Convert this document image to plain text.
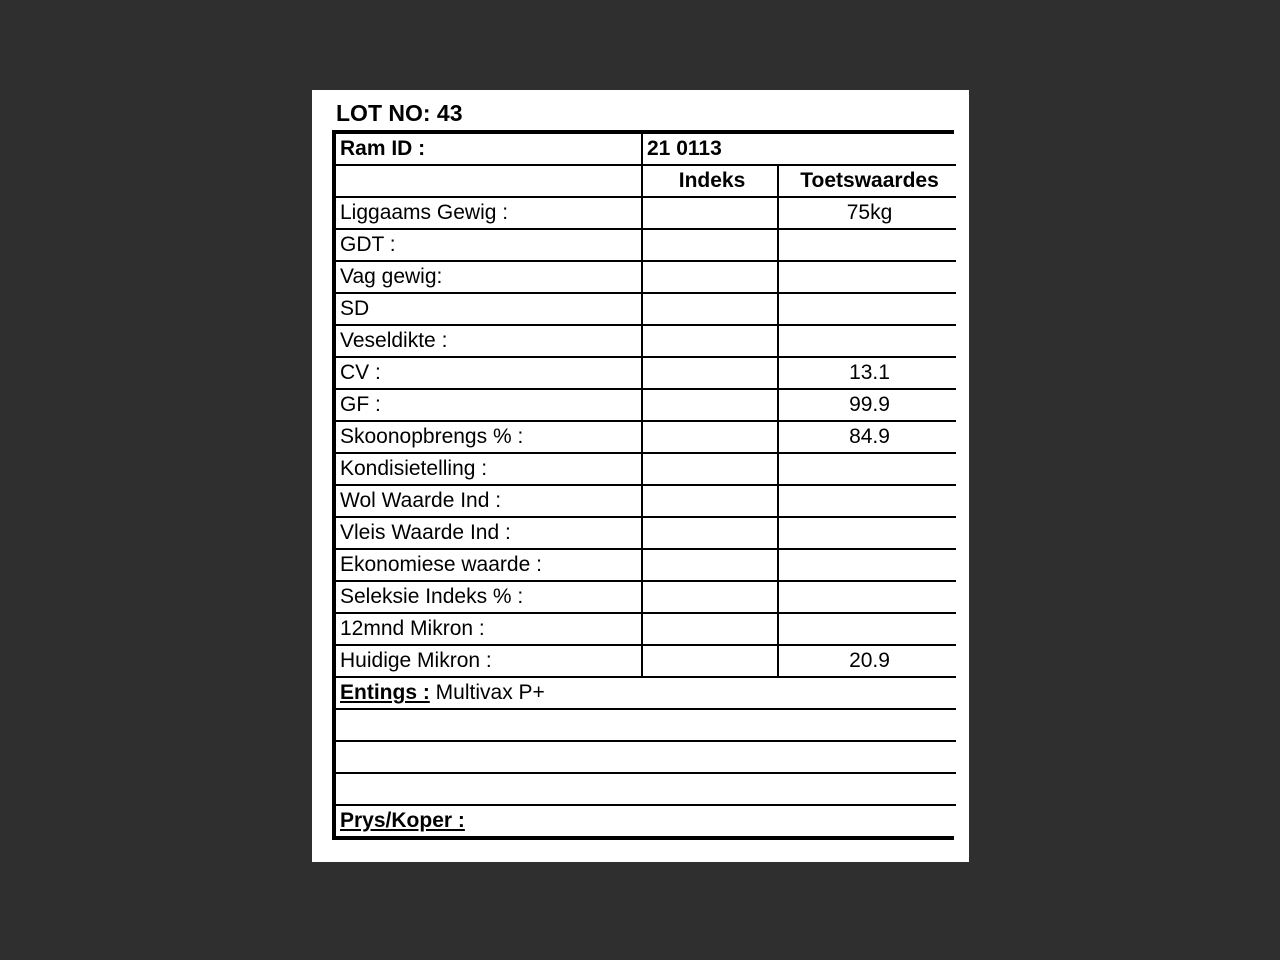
LOT NO: 43
Ram ID :	21 0113	
	Indeks	Toetswaardes
Liggaams Gewig :		75kg
GDT :		
Vag gewig:		
SD		
Veseldikte :		
CV :		13.1
GF :		99.9
Skoonopbrengs % :		84.9
Kondisietelling :		
Wol Waarde Ind :		
Vleis Waarde Ind :		
Ekonomiese waarde :		
Seleksie Indeks % :		
12mnd Mikron :		
Huidige Mikron :		20.9
Entings : Multivax P+		

Prys/Koper :		
